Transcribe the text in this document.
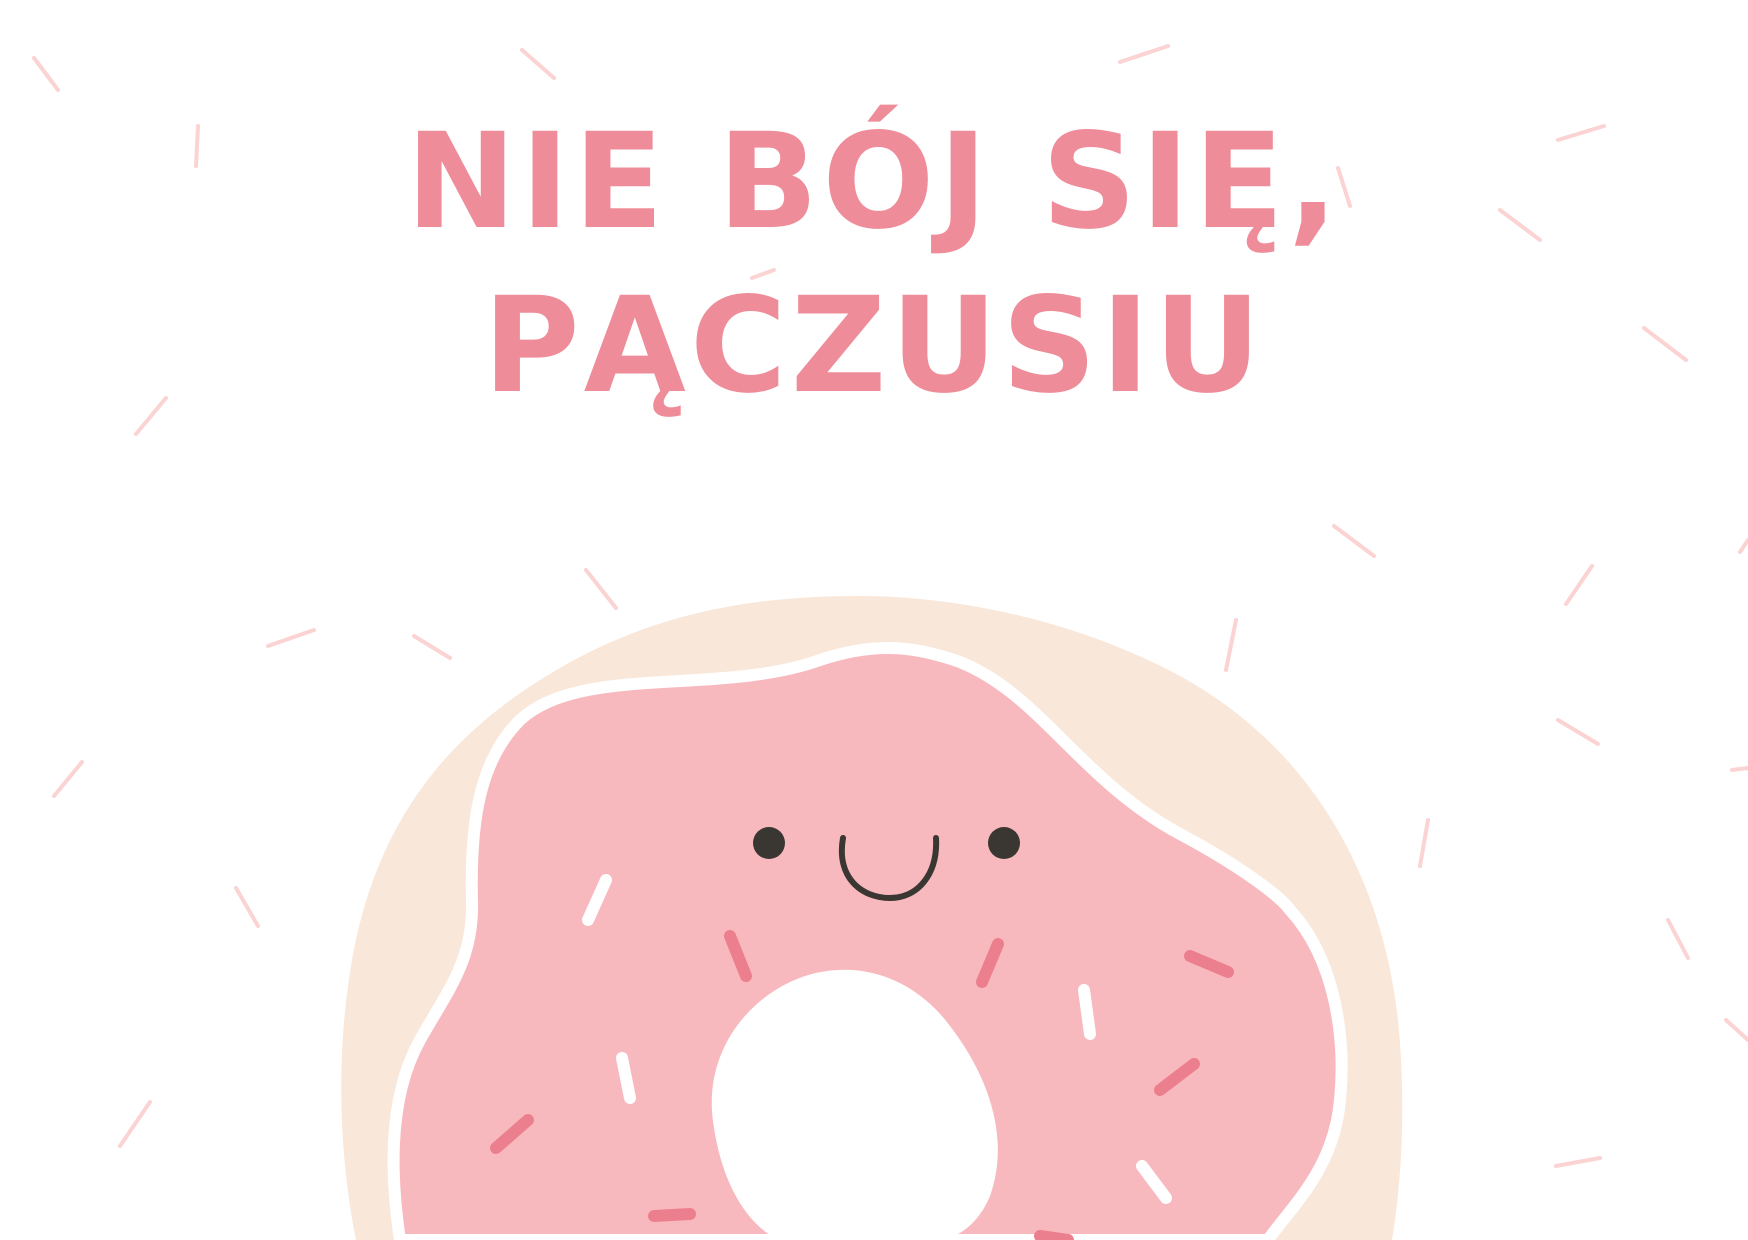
NIE BÓJ SIĘ,
PĄCZUSIU
